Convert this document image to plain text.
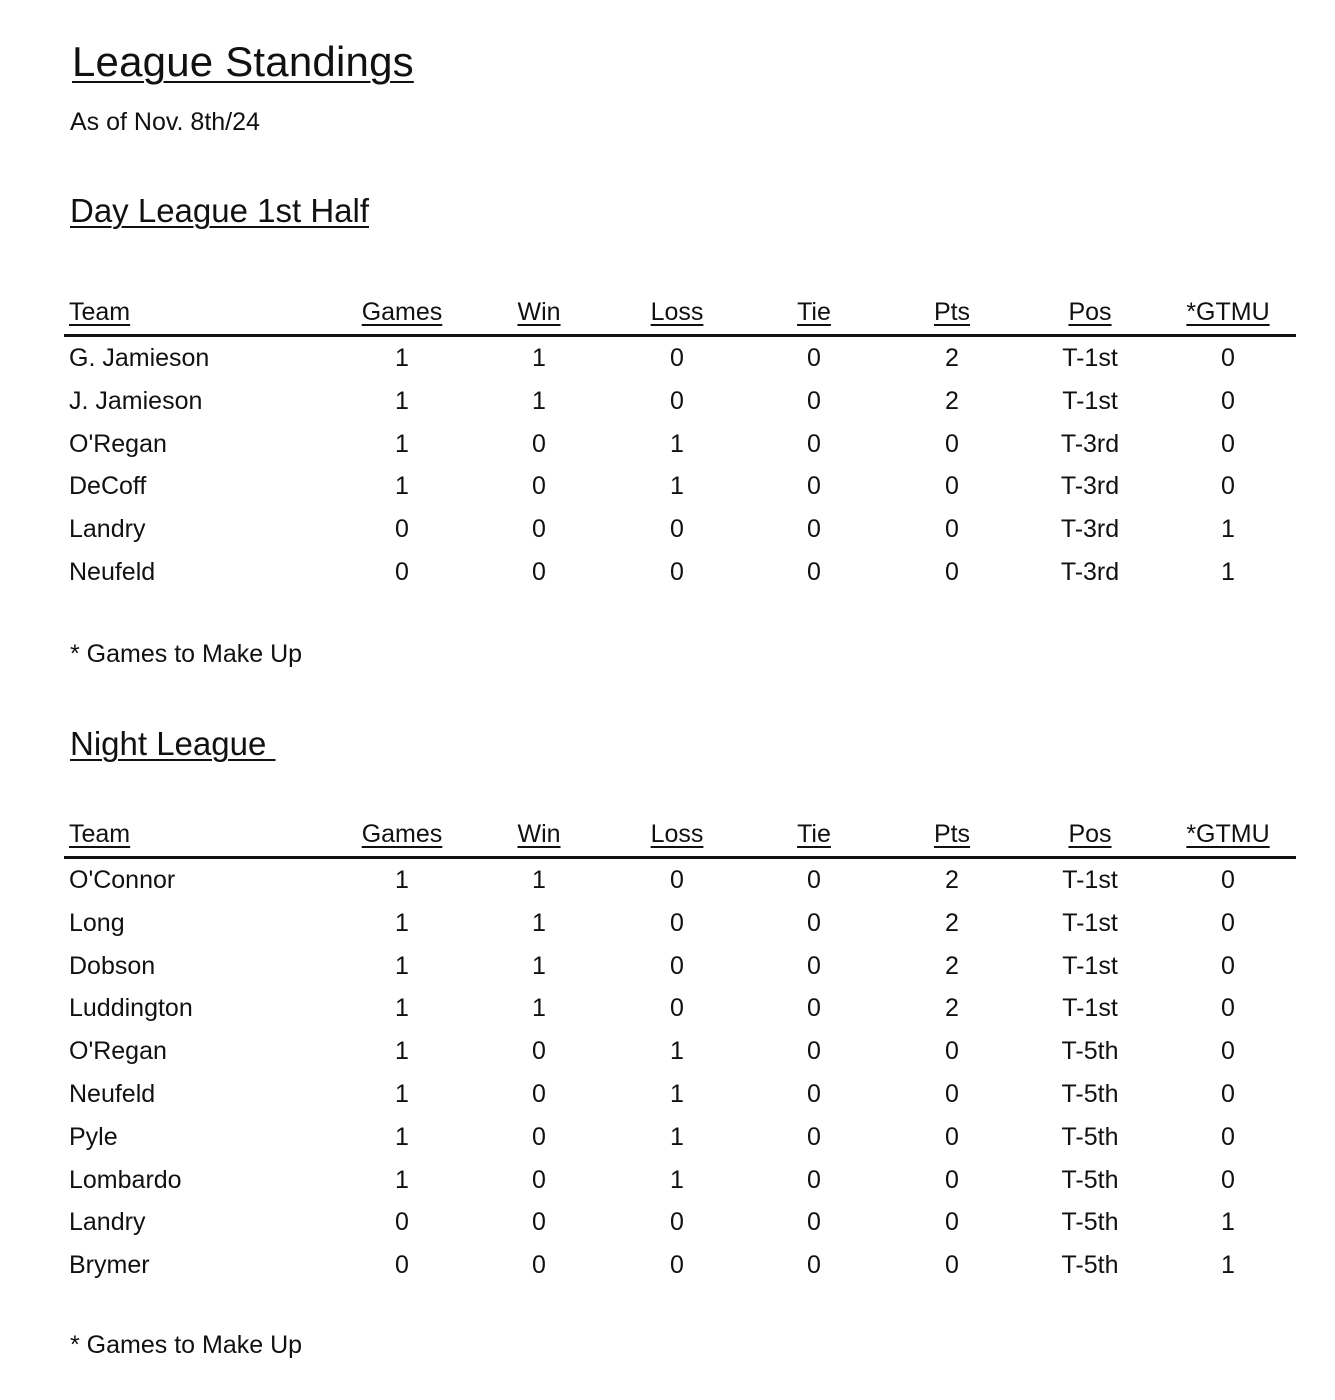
League Standings

As of Nov. 8th/24

Day League 1st Half
Team	Games	Win	Loss	Tie	Pts	Pos	*GTMU
G. Jamieson	1	1	0	0	2	T-1st	0
J. Jamieson	1	1	0	0	2	T-1st	0
O'Regan	1	0	1	0	0	T-3rd	0
DeCoff	1	0	1	0	0	T-3rd	0
Landry	0	0	0	0	0	T-3rd	1
Neufeld	0	0	0	0	0	T-3rd	1

* Games to Make Up

Night League
Team	Games	Win	Loss	Tie	Pts	Pos	*GTMU
O'Connor	1	1	0	0	2	T-1st	0
Long	1	1	0	0	2	T-1st	0
Dobson	1	1	0	0	2	T-1st	0
Luddington	1	1	0	0	2	T-1st	0
O'Regan	1	0	1	0	0	T-5th	0
Neufeld	1	0	1	0	0	T-5th	0
Pyle	1	0	1	0	0	T-5th	0
Lombardo	1	0	1	0	0	T-5th	0
Landry	0	0	0	0	0	T-5th	1
Brymer	0	0	0	0	0	T-5th	1

* Games to Make Up
